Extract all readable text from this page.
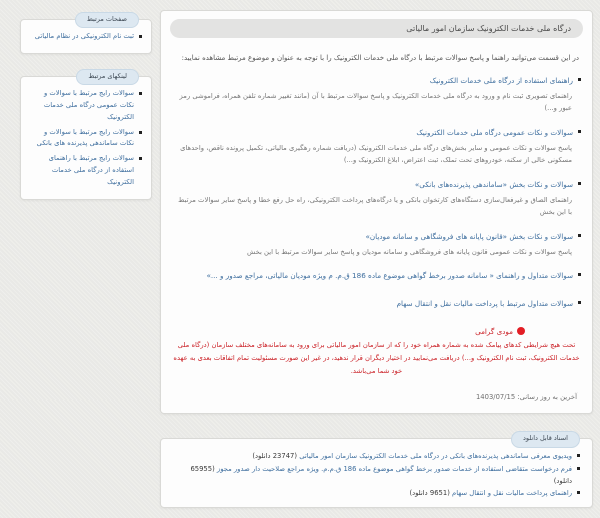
درگاه ملی خدمات الکترونیک سازمان امور مالیاتی

در این قسمت می‌توانید راهنما و پاسخ سوالات مرتبط با درگاه ملی خدمات الکترونیک را با توجه به عنوان و موضوع مرتبط مشاهده نمایید:

راهنمای استفاده از درگاه ملی خدمات الکترونیک
راهنمای تصویری ثبت نام و ورود به درگاه ملی خدمات الکترونیک و پاسخ سوالات مرتبط با آن (مانند تغییر شماره تلفن همراه، فراموشی رمز عبور و...)
سوالات و نکات عمومی درگاه ملی خدمات الکترونیک
پاسخ سوالات و نکات عمومی و سایر بخش‌های درگاه ملی خدمات الکترونیک (دریافت شماره رهگیری مالیاتی، تکمیل پرونده ناقص، واحدهای مسکونی خالی از سکنه، خودروهای تحت تملک، ثبت اعتراض، ابلاغ الکترونیک و...)
سوالات و نکات بخش «ساماندهی پذیرنده‌های بانکی»
راهنمای الصاق و غیرفعال‌سازی دستگاه‌های کارتخوان بانکی و یا درگاه‌های پرداخت الکترونیکی، راه حل رفع خطا و پاسخ سایر سوالات مرتبط با این بخش
سوالات و نکات بخش «قانون پایانه های فروشگاهی و سامانه مودیان»
پاسخ سوالات و نکات عمومی قانون پایانه های فروشگاهی و سامانه مودیان و پاسخ سایر سوالات مرتبط با این بخش
سوالات متداول و راهنمای « سامانه صدور برخط گواهی موضوع ماده 186 ق.م. م ویژه مودیان مالیاتی، مراجع صدور و ...»
سوالات متداول مرتبط با پرداخت مالیات نقل و انتقال سهام
مودی گرامی
تحت هیچ شرایطی کدهای پیامک شده به شماره همراه خود را که از سازمان امور مالیاتی برای ورود به سامانه‌های مختلف سازمان (درگاه ملی خدمات الکترونیک، ثبت نام الکترونیک و...) دریافت می‌نمایید در اختیار دیگران قرار ندهید، در غیر این صورت مسئولیت تمام اتفاقات بعدی به عهده خود شما می‌باشد.
آخرین به روز رسانی: 1403/07/15
اسناد قابل دانلود
ویدیوی معرفی ساماندهی پذیرنده‌های بانکی در درگاه ملی خدمات الکترونیک سازمان امور مالیاتی‌ (23747 دانلود)
فرم درخواست متقاضی استفاده از خدمات صدور برخط گواهی موضوع ماده 186 ق.م.م. ویژه مراجع صلاحیت دار صدور مجوز‌ (65955 دانلود)
راهنمای پرداخت مالیات نقل و انتقال سهام‌ (9651 دانلود)
صفحات مرتبط
ثبت نام الکترونیکی در نظام مالیاتی
لینکهای مرتبط
سوالات رایج مرتبط با سوالات و نکات عمومی درگاه ملی خدمات الکترونیک
سوالات رایج مرتبط با سوالات و نکات ساماندهی پذیرنده های بانکی
سوالات رایج مرتبط با راهنمای استفاده از درگاه ملی خدمات الکترونیک
